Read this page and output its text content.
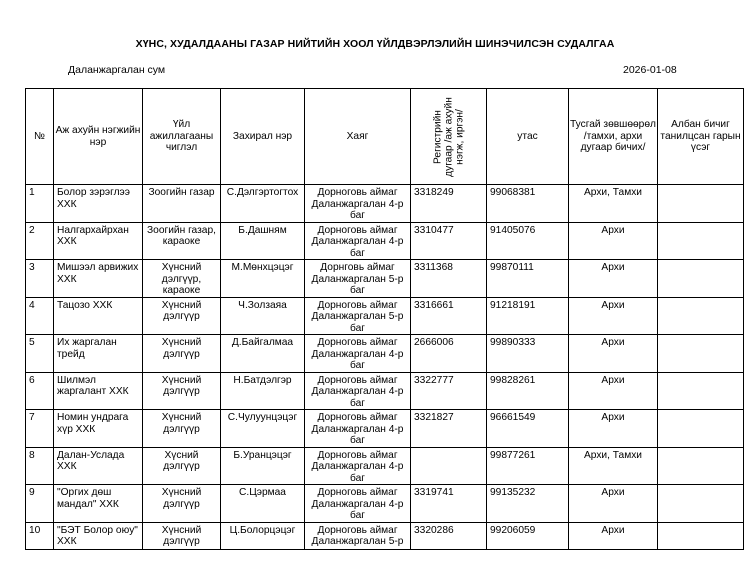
ХҮНС, ХУДАЛДААНЫ ГАЗАР НИЙТИЙН ХООЛ ҮЙЛДВЭРЛЭЛИЙН ШИНЭЧИЛСЭН СУДАЛГАА
Даланжаргалан сум	2026-01-08
№	Аж ахуйн нэгжийн нэр	Үйл ажиллагааны чиглэл	Захирал нэр	Хаяг	Регистрийн дугаар /аж ахуйн нэгж, иргэн/	утас	Тусгай зөвшөөрөл /тамхи, архи дугаар бичих/	Албан бичиг танилцсан гарын үсэг
1	Болор зэрэглээ ХХК	Зоогийн газар	С.Дэлгэртогтох	Дорноговь аймаг Даланжаргалан 4-р баг	3318249	99068381	Архи, Тамхи	
2	Налгархайрхан ХХК	Зоогийн газар, караоке	Б.Дашням	Дорноговь аймаг Даланжаргалан 4-р баг	3310477	91405076	Архи	
3	Мишээл арвижих ХХК	Хүнсний дэлгүүр, караоке	М.Мөнхцэцэг	Дорнговь аймаг Даланжаргалан 5-р баг	3311368	99870111	Архи	
4	Тацозо ХХК	Хүнсний дэлгүүр	Ч.Золзаяа	Дорноговь аймаг Даланжаргалан 5-р баг	3316661	91218191	Архи	
5	Их жаргалан трейд	Хүнсний дэлгүүр	Д.Байгалмаа	Дорноговь аймаг Даланжаргалан 4-р баг	2666006	99890333	Архи	
6	Шилмэл жаргалант ХХК	Хүнсний дэлгүүр	Н.Батдэлгэр	Дорноговь аймаг Даланжаргалан 4-р баг	3322777	99828261	Архи	
7	Номин ундрага хүр ХХК	Хүнсний дэлгүүр	С.Чулуунцэцэг	Дорноговь аймаг Даланжаргалан 4-р баг	3321827	96661549	Архи	
8	Далан-Услада ХХК	Хүсний дэлгүүр	Б.Уранцэцэг	Дорноговь аймаг Даланжаргалан 4-р баг		99877261	Архи, Тамхи	
9	"Оргих дөш мандал" ХХК	Хүнсний дэлгүүр	С.Цэрмаа	Дорноговь аймаг Даланжаргалан 4-р баг	3319741	99135232	Архи	
10	"БЭТ Болор оюу" ХХК	Хүнсний дэлгүүр	Ц.Болорцэцэг	Дорноговь аймаг Даланжаргалан 5-р	3320286	99206059	Архи	
